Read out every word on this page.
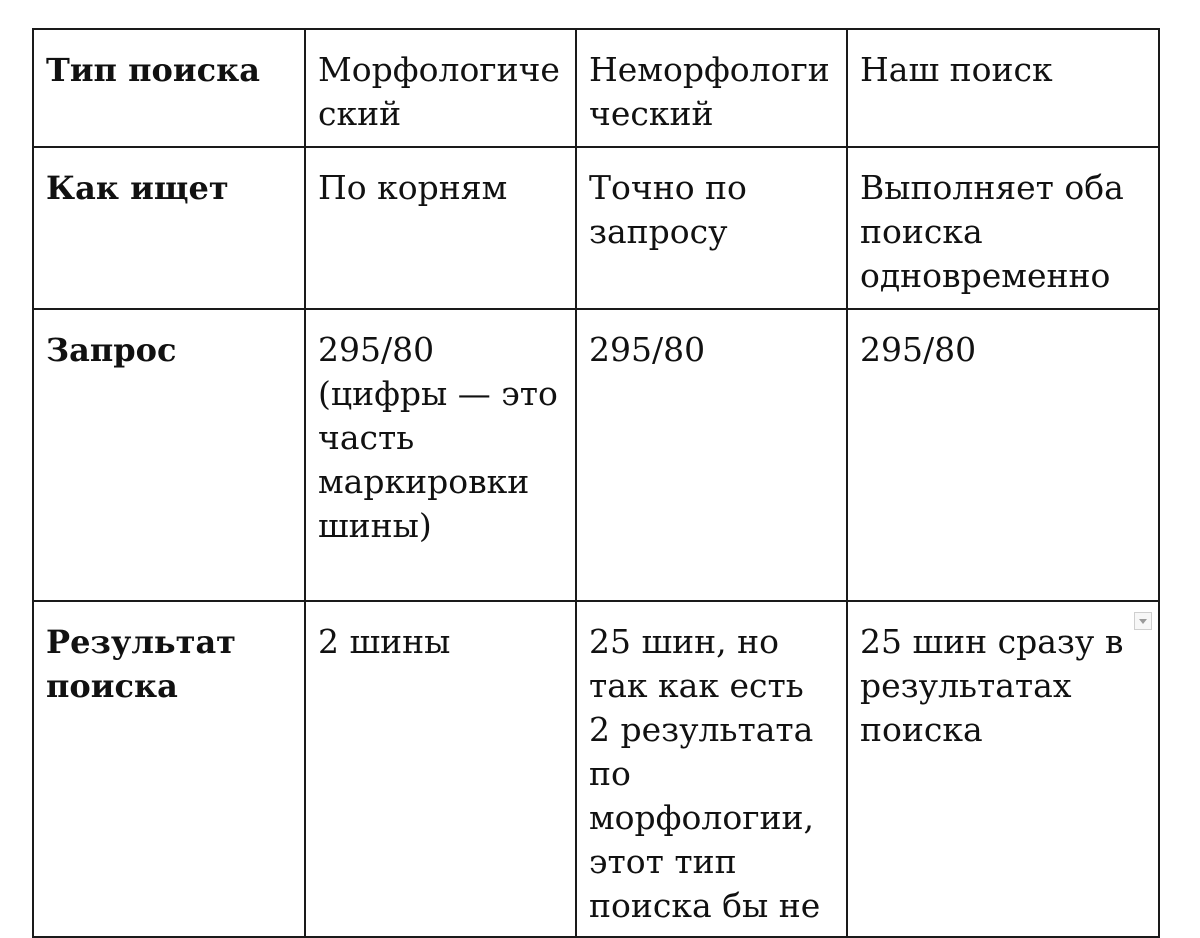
Тип поиска	Морфологический	Неморфологический	Наш поиск

Как ищет	По корням	Точно по запросу	Выполняет оба поиска одновременно

Запрос	295/80 (цифры — это часть маркировки шины)	295/80	295/80

Результат поиска	2 шины	25 шин, но так как есть 2 результата по морфологии, этот тип поиска бы не	25 шин сразу в результатах поиска
